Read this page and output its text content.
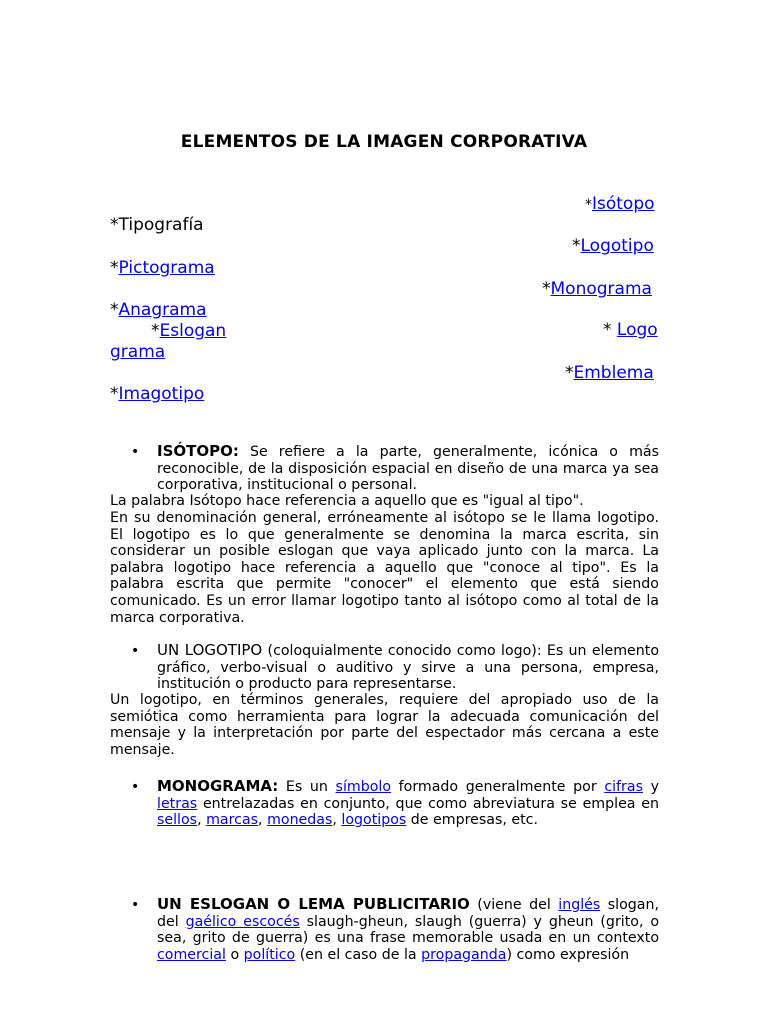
ELEMENTOS DE LA IMAGEN CORPORATIVA
*Tipografía
*Pictograma
*Anagrama
*Eslogan
grama
*Imagotipo
*Isótopo
*Logotipo
*Monograma
* Logo
*Emblema
• ISÓTOPO: Se refiere a la parte, generalmente, icónica o más reconocible, de la disposición espacial en diseño de una marca ya sea corporativa, institucional o personal.
La palabra Isótopo hace referencia a aquello que es "igual al tipo".
En su denominación general, erróneamente al isótopo se le llama logotipo. El logotipo es lo que generalmente se denomina la marca escrita, sin considerar un posible eslogan que vaya aplicado junto con la marca. La palabra logotipo hace referencia a aquello que "conoce al tipo". Es la palabra escrita que permite "conocer" el elemento que está siendo comunicado. Es un error llamar logotipo tanto al isótopo como al total de la marca corporativa.
• UN LOGOTIPO (coloquialmente conocido como logo): Es un elemento gráfico, verbo-visual o auditivo y sirve a una persona, empresa, institución o producto para representarse.
Un logotipo, en términos generales, requiere del apropiado uso de la semiótica como herramienta para lograr la adecuada comunicación del mensaje y la interpretación por parte del espectador más cercana a este mensaje.
• MONOGRAMA: Es un símbolo formado generalmente por cifras y letras entrelazadas en conjunto, que como abreviatura se emplea en sellos, marcas, monedas, logotipos de empresas, etc.
• UN ESLOGAN O LEMA PUBLICITARIO (viene del inglés slogan, del gaélico escocés slaugh-gheun, slaugh (guerra) y gheun (grito, o sea, grito de guerra) es una frase memorable usada en un contexto comercial o político (en el caso de la propaganda) como expresión
